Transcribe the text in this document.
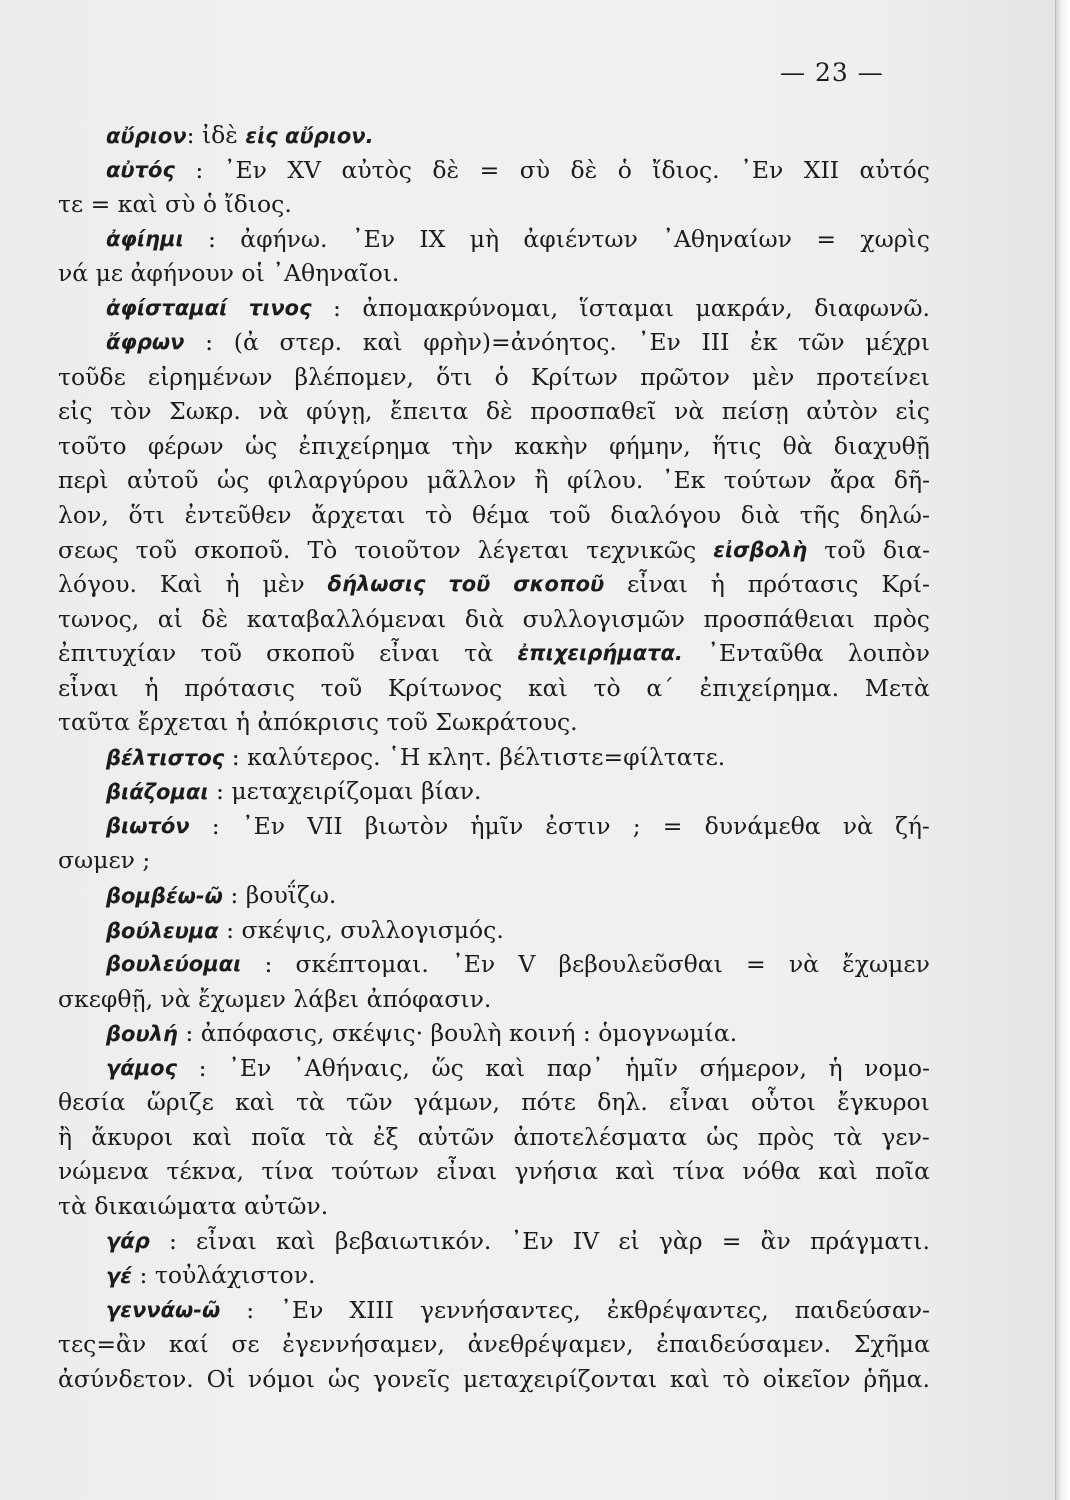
— 23 —
αὔριον: ἰδὲ εἰς αὔριον.
αὐτός : ᾿Εν XV αὐτὸς δὲ = σὺ δὲ ὁ ἴδιος. ᾿Εν XII αὐτός
τε = καὶ σὺ ὁ ἴδιος.
ἀφίημι : ἀφήνω. ᾿Εν IX μὴ ἀφιέντων ᾿Αθηναίων = χωρὶς
νά με ἀφήνουν οἱ ᾿Αθηναῖοι.
ἀφίσταμαί τινος : ἀπομακρύνομαι, ἵσταμαι μακράν, διαφωνῶ.
ἄφρων : (ἀ στερ. καὶ φρὴν)=ἀνόητος. ᾿Εν III ἐκ τῶν μέχρι
τοῦδε εἰρημένων βλέπομεν, ὅτι ὁ Κρίτων πρῶτον μὲν προτείνει
εἰς τὸν Σωκρ. νὰ φύγῃ, ἔπειτα δὲ προσπαθεῖ νὰ πείσῃ αὐτὸν εἰς
τοῦτο φέρων ὡς ἐπιχείρημα τὴν κακὴν φήμην, ἥτις θὰ διαχυθῇ
περὶ αὐτοῦ ὡς φιλαργύρου μᾶλλον ἢ φίλου. ᾿Εκ τούτων ἄρα δῆ-
λον, ὅτι ἐντεῦθεν ἄρχεται τὸ θέμα τοῦ διαλόγου διὰ τῆς δηλώ-
σεως τοῦ σκοποῦ. Τὸ τοιοῦτον λέγεται τεχνικῶς εἰσβολὴ τοῦ δια-
λόγου. Καὶ ἡ μὲν δήλωσις τοῦ σκοποῦ εἶναι ἡ πρότασις Κρί-
τωνος, αἱ δὲ καταβαλλόμεναι διὰ συλλογισμῶν προσπάθειαι πρὸς
ἐπιτυχίαν τοῦ σκοποῦ εἶναι τὰ ἐπιχειρήματα. ᾿Ενταῦθα λοιπὸν
εἶναι ἡ πρότασις τοῦ Κρίτωνος καὶ τὸ α΄ ἐπιχείρημα. Μετὰ
ταῦτα ἔρχεται ἡ ἀπόκρισις τοῦ Σωκράτους.
βέλτιστος : καλύτερος. ῾Η κλητ. βέλτιστε=φίλτατε.
βιάζομαι : μεταχειρίζομαι βίαν.
βιωτόν : ᾿Εν VII βιωτὸν ἡμῖν ἐστιν ; = δυνάμεθα νὰ ζή-
σωμεν ;
βομβέω-ῶ : βουΐζω.
βούλευμα : σκέψις, συλλογισμός.
βουλεύομαι : σκέπτομαι. ᾿Εν V βεβουλεῦσθαι = νὰ ἔχωμεν
σκεφθῇ, νὰ ἔχωμεν λάβει ἀπόφασιν.
βουλή : ἀπόφασις, σκέψις· βουλὴ κοινή : ὁμογνωμία.
γάμος : ᾿Εν ᾿Αθήναις, ὥς καὶ παρ᾿ ἡμῖν σήμερον, ἡ νομο-
θεσία ὥριζε καὶ τὰ τῶν γάμων, πότε δηλ. εἶναι οὗτοι ἔγκυροι
ἢ ἄκυροι καὶ ποῖα τὰ ἐξ αὐτῶν ἀποτελέσματα ὡς πρὸς τὰ γεν-
νώμενα τέκνα, τίνα τούτων εἶναι γνήσια καὶ τίνα νόθα καὶ ποῖα
τὰ δικαιώματα αὐτῶν.
γάρ : εἶναι καὶ βεβαιωτικόν. ᾿Εν IV εἰ γὰρ = ἂν πράγματι.
γέ : τοὐλάχιστον.
γεννάω-ῶ : ᾿Εν XIII γεννήσαντες, ἐκθρέψαντες, παιδεύσαν-
τες=ἂν καί σε ἐγεννήσαμεν, ἀνεθρέψαμεν, ἐπαιδεύσαμεν. Σχῆμα
ἀσύνδετον. Οἱ νόμοι ὡς γονεῖς μεταχειρίζονται καὶ τὸ οἰκεῖον ῥῆμα.
